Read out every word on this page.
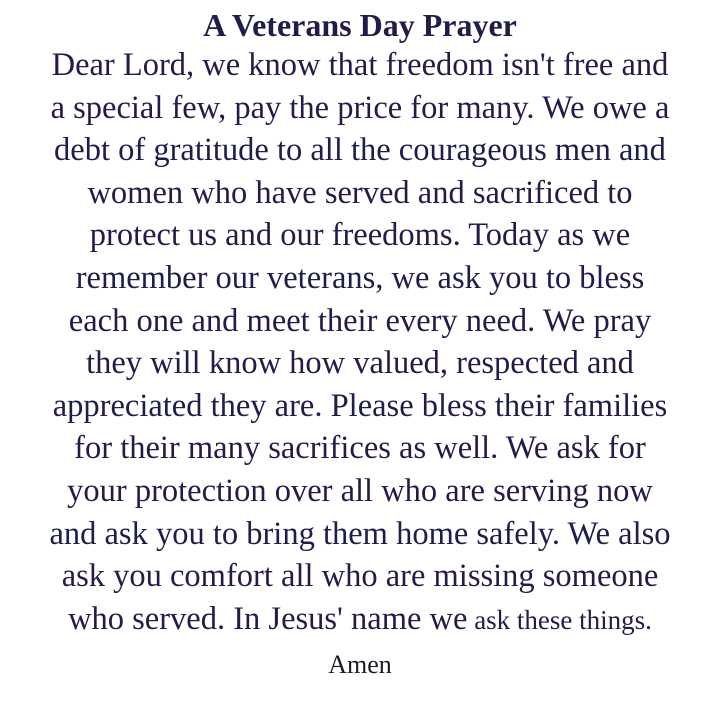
A Veterans Day Prayer
Dear Lord, we know that freedom isn't free and
a special few, pay the price for many. We owe a
debt of gratitude to all the courageous men and
women who have served and sacrificed to
protect us and our freedoms. Today as we
remember our veterans, we ask you to bless
each one and meet their every need. We pray
they will know how valued, respected and
appreciated they are. Please bless their families
for their many sacrifices as well. We ask for
your protection over all who are serving now
and ask you to bring them home safely. We also
ask you comfort all who are missing someone
who served. In Jesus' name we ask these things.
Amen
